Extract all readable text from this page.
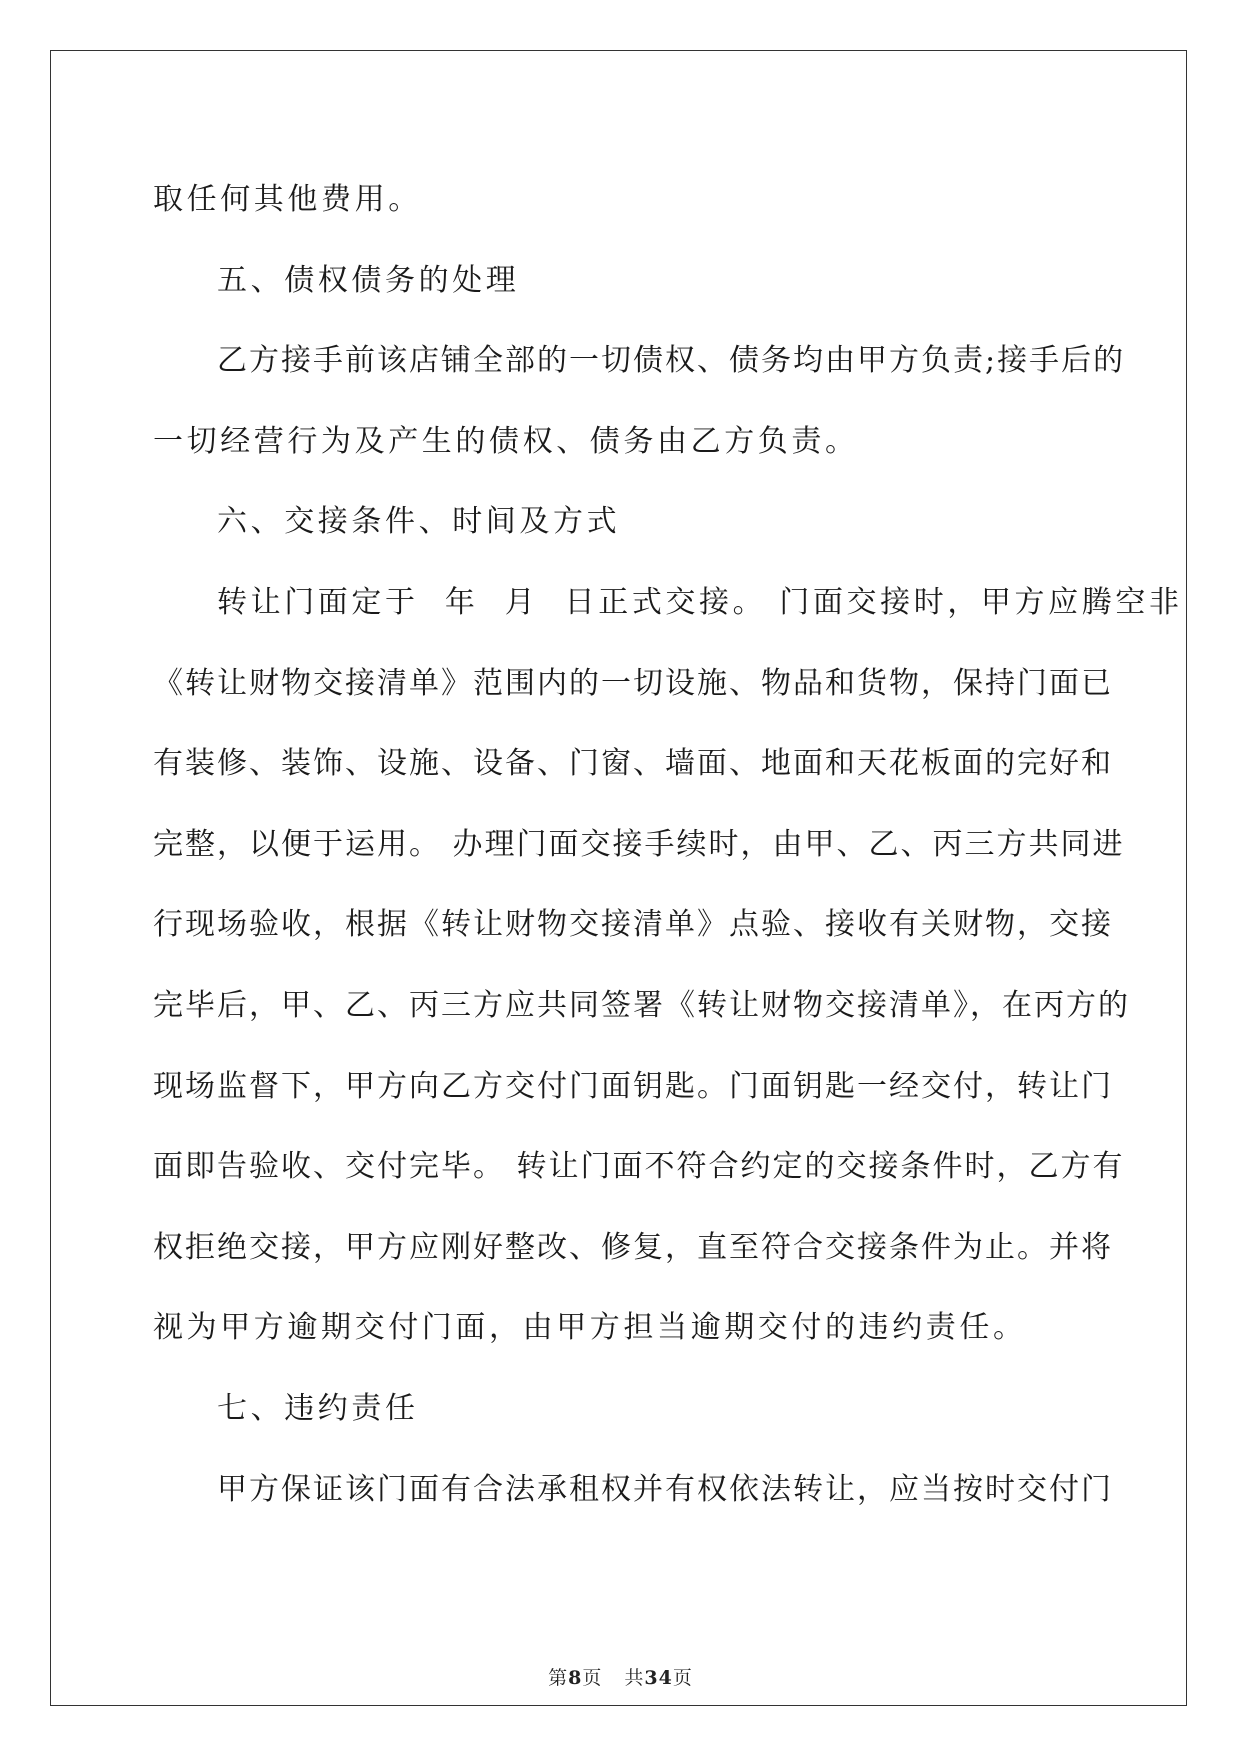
取任何其他费用。
五、债权债务的处理
乙方接手前该店铺全部的一切债权、债务均由甲方负责;接手后的
一切经营行为及产生的债权、债务由乙方负责。
六、交接条件、时间及方式
转让门面定于  年  月  日正式交接。 门面交接时，甲方应腾空非
《转让财物交接清单》范围内的一切设施、物品和货物，保持门面已
有装修、装饰、设施、设备、门窗、墙面、地面和天花板面的完好和
完整，以便于运用。 办理门面交接手续时，由甲、乙、丙三方共同进
行现场验收，根据《转让财物交接清单》点验、接收有关财物，交接
完毕后，甲、乙、丙三方应共同签署《转让财物交接清单》，在丙方的
现场监督下，甲方向乙方交付门面钥匙。门面钥匙一经交付，转让门
面即告验收、交付完毕。 转让门面不符合约定的交接条件时，乙方有
权拒绝交接，甲方应刚好整改、修复，直至符合交接条件为止。并将
视为甲方逾期交付门面，由甲方担当逾期交付的违约责任。
七、违约责任
甲方保证该门面有合法承租权并有权依法转让，应当按时交付门
第8页 共34页
